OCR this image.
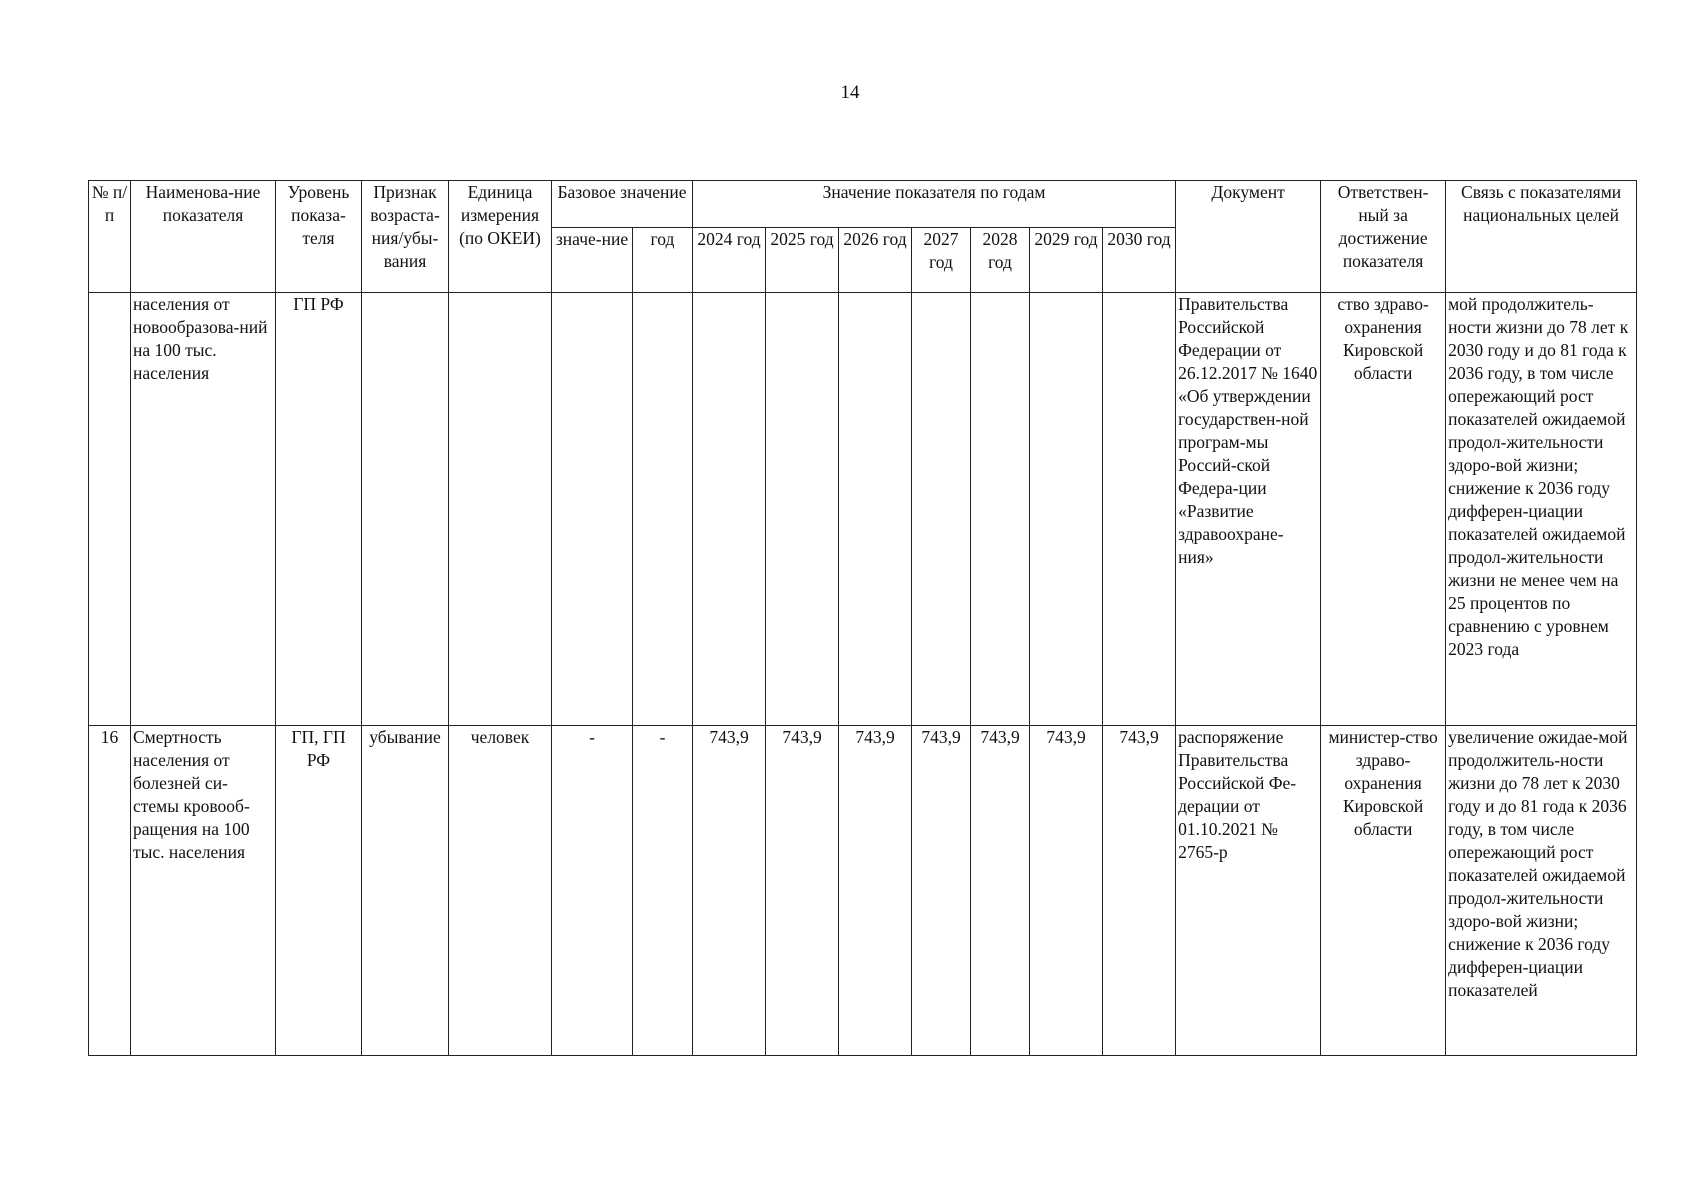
14
№ п/п	Наименова-ние показателя	Уровень показа-теля	Признак возраста-ния/убы-вания	Единица измерения (по ОКЕИ)	Базовое значение		Значение показателя по годам							Документ	Ответствен-ный за достижение показателя	Связь с показателями национальных целей
					значе-ние	год	2024 год	2025 год	2026 год	2027 год	2028 год	2029 год	2030 год			
	населения от новообразова-ний на 100 тыс. населения	ГП РФ												Правительства Российской Федерации от 26.12.2017 № 1640 «Об утверждении государствен-ной програм-мы Россий-ской Федера-ции «Развитие здравоохране-ния»	ство здраво-охранения Кировской области	мой продолжитель-ности жизни до 78 лет к 2030 году и до 81 года к 2036 году, в том числе опережающий рост показателей ожидаемой продол-жительности здоро-вой жизни; снижение к 2036 году дифферен-циации показателей ожидаемой продол-жительности жизни не менее чем на 25 процентов по сравнению с уровнем 2023 года
16	Смертность населения от болезней си-стемы кровооб-ращения на 100 тыс. населения	ГП, ГП РФ	убывание	человек	-	-	743,9	743,9	743,9	743,9	743,9	743,9	743,9	распоряжение Правительства Российской Фе-дерации от 01.10.2021 № 2765-р	министер-ство здраво-охранения Кировской области	увеличение ожидае-мой продолжитель-ности жизни до 78 лет к 2030 году и до 81 года к 2036 году, в том числе опережающий рост показателей ожидаемой продол-жительности здоро-вой жизни; снижение к 2036 году дифферен-циации показателей
